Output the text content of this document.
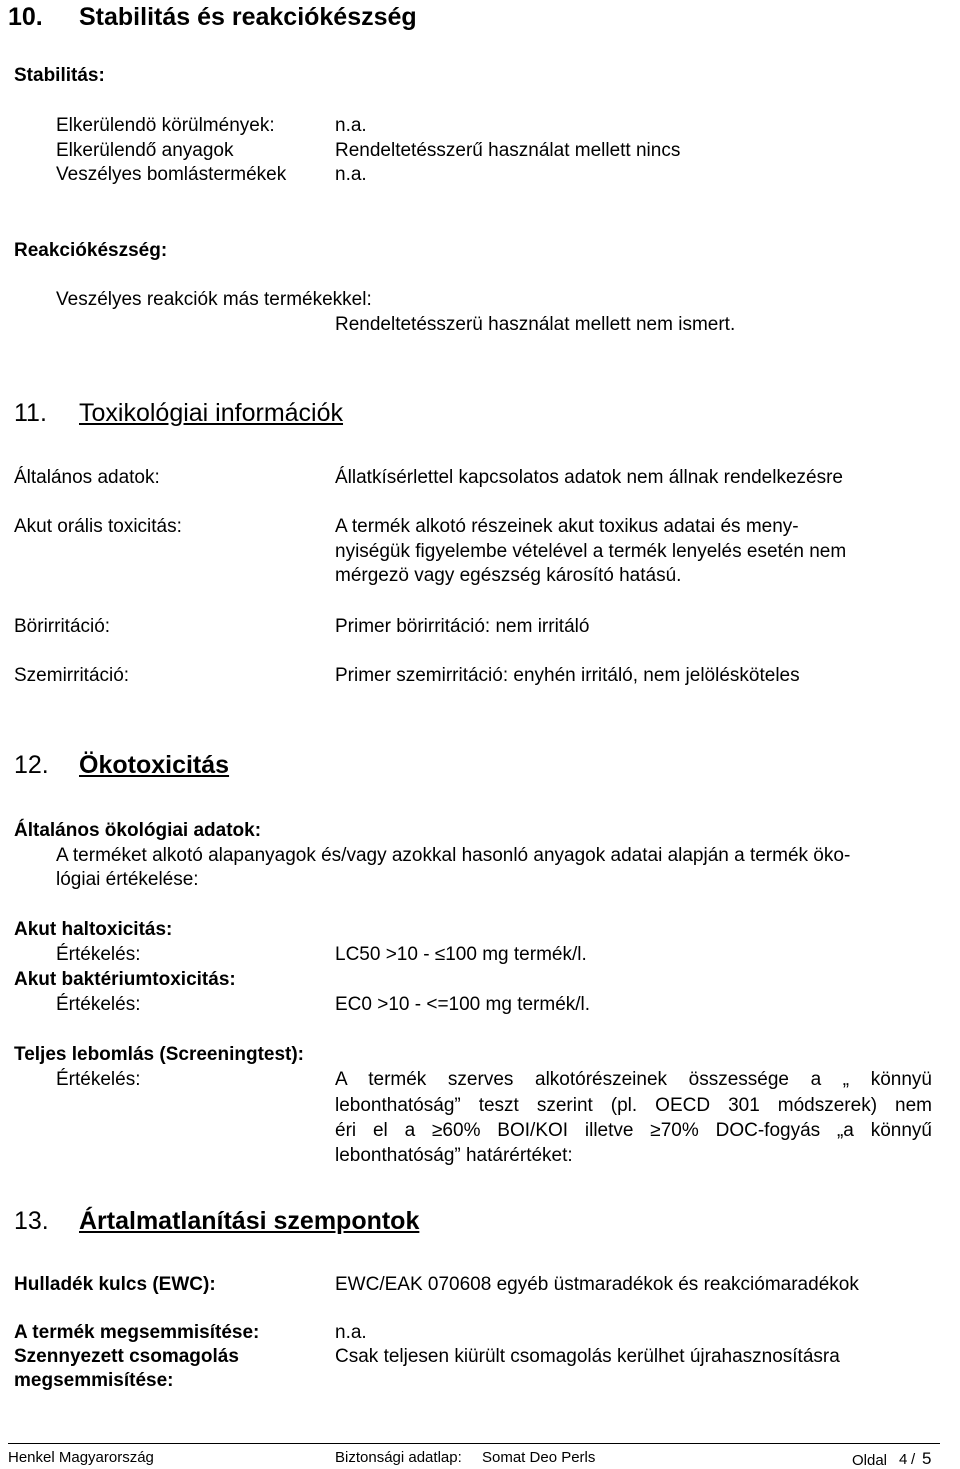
10. Stabilitás és reakciókészség
Stabilitás:
Elkerülendö körülmények:	n.a.
Elkerülendő anyagok	Rendeltetésszerű használat mellett nincs
Veszélyes bomlástermékek	n.a.
Reakciókészség:
Veszélyes reakciók más termékekkel:
Rendeltetésszerü használat mellett nem ismert.
11. Toxikológiai információk
Általános adatok:	Állatkísérlettel kapcsolatos adatok nem állnak rendelkezésre
Akut orális toxicitás:	A termék alkotó részeinek akut toxikus adatai és meny-
nyiségük figyelembe vételével a termék lenyelés esetén nem
mérgezö vagy egészség károsító hatású.
Börirritáció:	Primer börirritáció: nem irritáló
Szemirritáció:	Primer szemirritáció: enyhén irritáló, nem jelölésköteles
12. Ökotoxicitás
Általános ökológiai adatok:
A terméket alkotó alapanyagok és/vagy azokkal hasonló anyagok adatai alapján a termék öko-
lógiai értékelése:
Akut haltoxicitás:
Értékelés:	LC50 >10 - ≤100 mg termék/l.
Akut baktériumtoxicitás:
Értékelés:	EC0 >10 - <=100 mg termék/l.
Teljes lebomlás (Screeningtest):
Értékelés:	A termék szerves alkotórészeinek összessége a „ könnyü
lebonthatóság” teszt szerint (pl. OECD 301 módszerek) nem
éri el a ≥60% BOI/KOI illetve ≥70% DOC-fogyás „a könnyű
lebonthatóság” határértéket:
13. Ártalmatlanítási szempontok
Hulladék kulcs (EWC):	EWC/EAK 070608 egyéb üstmaradékok és reakciómaradékok
A termék megsemmisítése:	n.a.
Szennyezett csomagolás	Csak teljesen kiürült csomagolás kerülhet újrahasznosításra
megsemmisítése:
Henkel Magyarország	Biztonsági adatlap: Somat Deo Perls	Oldal 4 / 5
